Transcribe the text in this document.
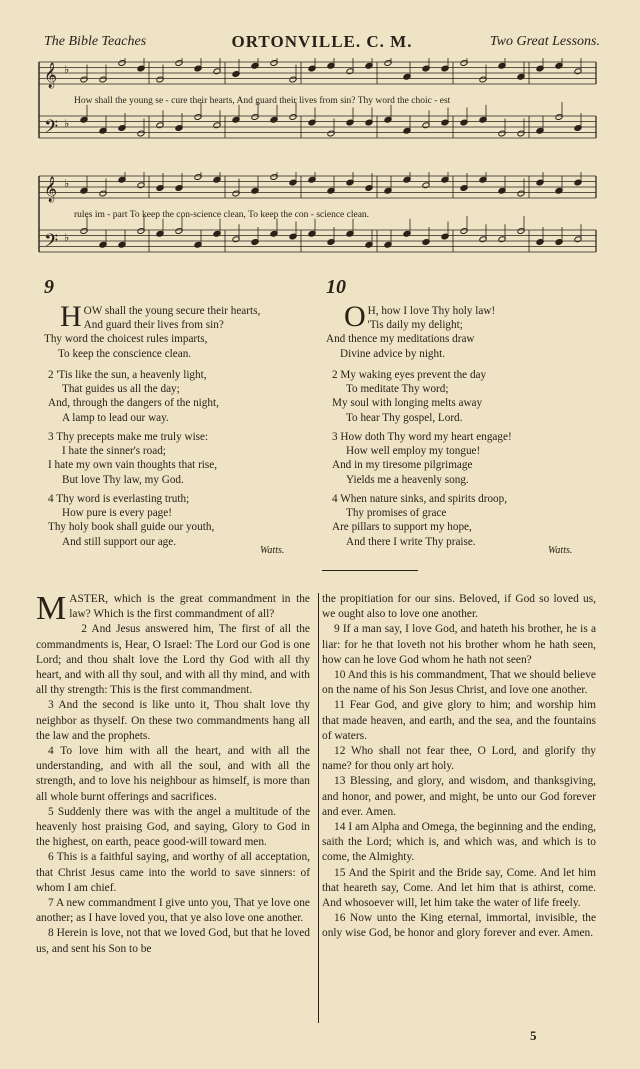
The Bible Teaches	ORTONVILLE. C. M.	Two Great Lessons.
𝄞 ♭
𝄢 ♭
How shall the young se - cure their hearts, And guard their lives from sin? Thy word the choic - est
𝄞 ♭
𝄢 ♭
rules im - part To keep the con-science clean, To keep the con - science clean.
9
H OW shall the young secure their hearts,
And guard their lives from sin?
Thy word the choicest rules imparts,
To keep the conscience clean.
2 'Tis like the sun, a heavenly light,
That guides us all the day;
And, through the dangers of the night,
A lamp to lead our way.
3 Thy precepts make me truly wise:
I hate the sinner's road;
I hate my own vain thoughts that rise,
But love Thy law, my God.
4 Thy word is everlasting truth;
How pure is every page!
Thy holy book shall guide our youth,
And still support our age.
Watts.
10
O H, how I love Thy holy law!
'Tis daily my delight;
And thence my meditations draw
Divine advice by night.
2 My waking eyes prevent the day
To meditate Thy word;
My soul with longing melts away
To hear Thy gospel, Lord.
3 How doth Thy word my heart engage!
How well employ my tongue!
And in my tiresome pilgrimage
Yields me a heavenly song.
4 When nature sinks, and spirits droop,
Thy promises of grace
Are pillars to support my hope,
And there I write Thy praise.
Watts.

MASTER, which is the great commandment in the law? Which is the first commandment of all?

2 And Jesus answered him, The first of all the commandments is, Hear, O Israel: The Lord our God is one Lord; and thou shalt love the Lord thy God with all thy heart, and with all thy soul, and with all thy mind, and with all thy strength: This is the first commandment.

3 And the second is like unto it, Thou shalt love thy neighbor as thyself. On these two commandments hang all the law and the prophets.

4 To love him with all the heart, and with all the understanding, and with all the soul, and with all the strength, and to love his neighbour as himself, is more than all whole burnt offerings and sacrifices.

5 Suddenly there was with the angel a multitude of the heavenly host praising God, and saying, Glory to God in the highest, on earth, peace good-will toward men.

6 This is a faithful saying, and worthy of all acceptation, that Christ Jesus came into the world to save sinners: of whom I am chief.

7 A new commandment I give unto you, That ye love one another; as I have loved you, that ye also love one another.

8 Herein is love, not that we loved God, but that he loved us, and sent his Son to be

the propitiation for our sins. Beloved, if God so loved us, we ought also to love one another.

9 If a man say, I love God, and hateth his brother, he is a liar: for he that loveth not his brother whom he hath seen, how can he love God whom he hath not seen?

10 And this is his commandment, That we should believe on the name of his Son Jesus Christ, and love one another.

11 Fear God, and give glory to him; and worship him that made heaven, and earth, and the sea, and the fountains of waters.

12 Who shall not fear thee, O Lord, and glorify thy name? for thou only art holy.

13 Blessing, and glory, and wisdom, and thanksgiving, and honor, and power, and might, be unto our God forever and ever. Amen.

14 I am Alpha and Omega, the beginning and the ending, saith the Lord; which is, and which was, and which is to come, the Almighty.

15 And the Spirit and the Bride say, Come. And let him that heareth say, Come. And let him that is athirst, come. And whosoever will, let him take the water of life freely.

16 Now unto the King eternal, immortal, invisible, the only wise God, be honor and glory forever and ever. Amen.

5
